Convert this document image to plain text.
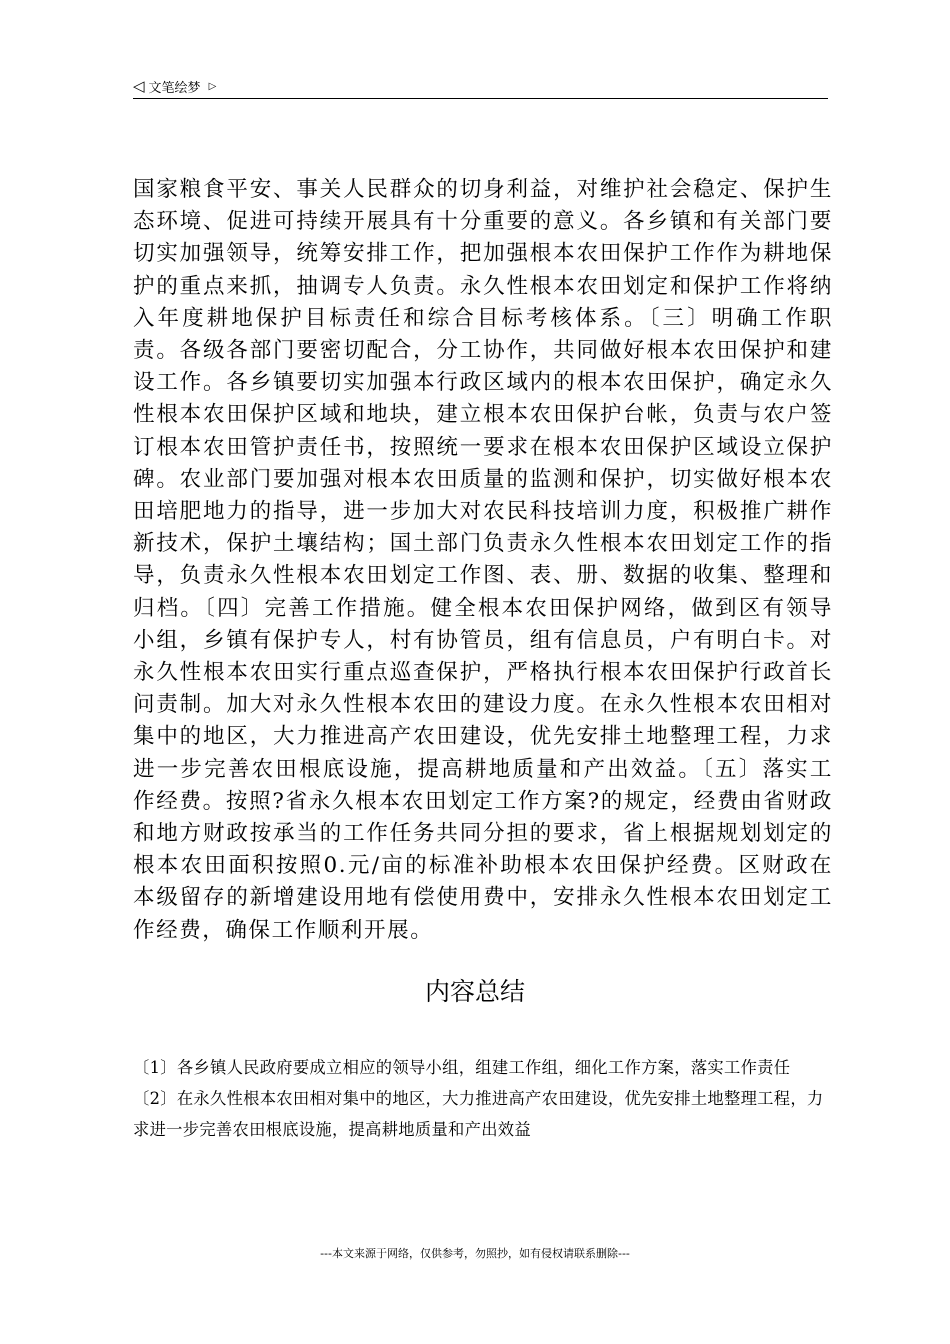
◁ 文笔绘梦 ▷

国家粮食平安、事关人民群众的切身利益，对维护社会稳定、保护生态环境、促进可持续开展具有十分重要的意义。各乡镇和有关部门要切实加强领导，统筹安排工作，把加强根本农田保护工作作为耕地保护的重点来抓，抽调专人负责。永久性根本农田划定和保护工作将纳入年度耕地保护目标责任和综合目标考核体系。〔三〕明确工作职责。各级各部门要密切配合，分工协作，共同做好根本农田保护和建设工作。各乡镇要切实加强本行政区域内的根本农田保护，确定永久性根本农田保护区域和地块，建立根本农田保护台帐，负责与农户签订根本农田管护责任书，按照统一要求在根本农田保护区域设立保护碑。农业部门要加强对根本农田质量的监测和保护，切实做好根本农田培肥地力的指导，进一步加大对农民科技培训力度，积极推广耕作新技术，保护土壤结构；国土部门负责永久性根本农田划定工作的指导，负责永久性根本农田划定工作图、表、册、数据的收集、整理和归档。〔四〕完善工作措施。健全根本农田保护网络，做到区有领导小组，乡镇有保护专人，村有协管员，组有信息员，户有明白卡。对永久性根本农田实行重点巡查保护，严格执行根本农田保护行政首长问责制。加大对永久性根本农田的建设力度。在永久性根本农田相对集中的地区，大力推进高产农田建设，优先安排土地整理工程，力求进一步完善农田根底设施，提高耕地质量和产出效益。〔五〕落实工作经费。按照?省永久根本农田划定工作方案?的规定，经费由省财政和地方财政按承当的工作任务共同分担的要求，省上根据规划划定的根本农田面积按照0.元/亩的标准补助根本农田保护经费。区财政在本级留存的新增建设用地有偿使用费中，安排永久性根本农田划定工作经费，确保工作顺利开展。

内容总结
〔1〕各乡镇人民政府要成立相应的领导小组，组建工作组，细化工作方案，落实工作责任
〔2〕在永久性根本农田相对集中的地区，大力推进高产农田建设，优先安排土地整理工程，力求进一步完善农田根底设施，提高耕地质量和产出效益
---本文来源于网络，仅供参考，勿照抄，如有侵权请联系删除---
